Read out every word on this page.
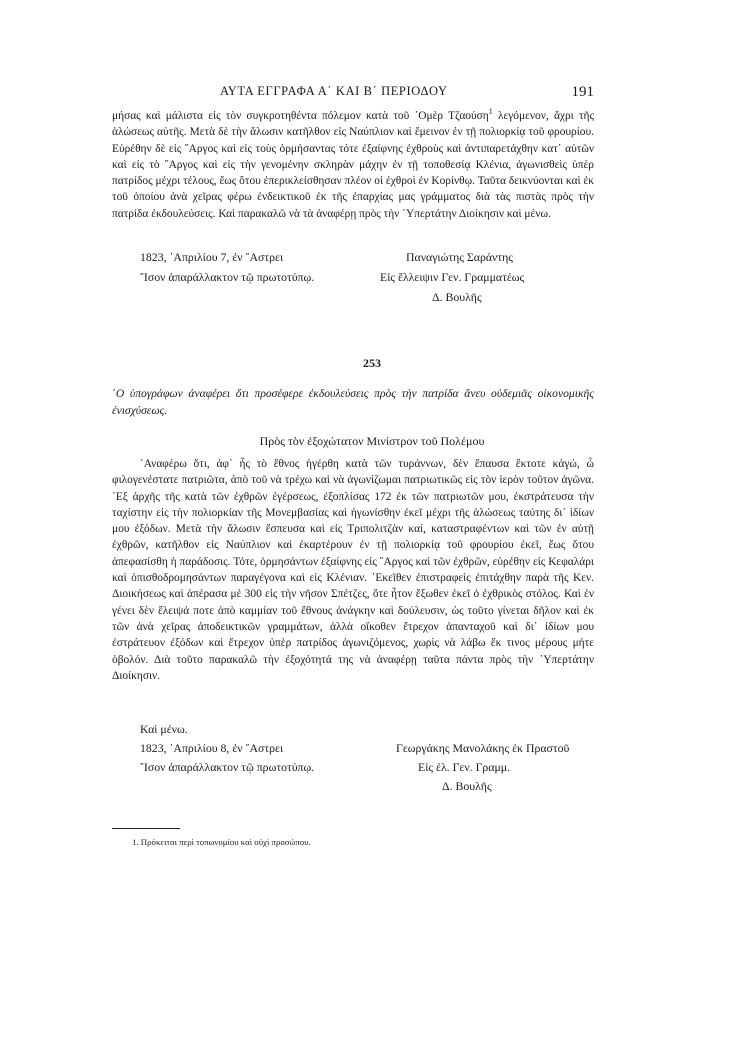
ΑΥΤΑ ΕΓΓΡΑΦΑ Α΄ ΚΑΙ Β΄ ΠΕΡΙΟΔΟΥ	191

μήσας καὶ μάλιστα εἰς τὸν συγκροτηθέντα πόλεμον κατὰ τοῦ ᾿Ομὲρ Τζαούση$^1$ λεγόμενον, ἄχρι τῆς ἁλώσεως αὐτῆς. Μετὰ δὲ τὴν ἅλωσιν κατῆλθον εἰς Ναύπλιον καὶ ἔμεινον ἐν τῇ πολιορκίᾳ τοῦ φρουρίου. Εὐρέθην δὲ εἰς ῎Αργος καὶ εἰς τοὺς ὁρμήσαντας τότε ἐξαίφνης ἐχθροὺς καὶ ἀντιπαρετάχθην κατ᾿ αὐτῶν καὶ εἰς τὸ ῎Αργος καὶ εἰς τὴν γενομένην σκληρὰν μάχην ἐν τῇ τοποθεσίᾳ Κλένια, ἀγωνισθεὶς ὑπὲρ πατρίδος μέχρι τέλους, ἕως ὅτου ἐπερικλείσθησαν πλέον οἱ ἐχθροὶ ἐν Κορίνθῳ. Ταῦτα δεικνύονται καὶ ἐκ τοῦ ὁποίου ἀνὰ χεῖρας φέρω ἐνδεικτικοῦ ἐκ τῆς ἐπαρχίας μας γράμματος διὰ τὰς πιστὰς πρὸς τὴν πατρίδα ἐκδουλεύσεις. Καὶ παρακαλῶ νὰ τὰ ἀναφέρῃ πρὸς τὴν ῾Υπερτάτην Διοίκησιν καὶ μένω.

1823, ᾿Απριλίου 7, ἐν ῎Αστρει	Παναγιώτης Σαράντης
῎Ισον ἀπαράλλακτον τῷ πρωτοτύπῳ.	Εἰς ἔλλειψιν Γεν. Γραμματέως
Δ. Βουλῆς
253

῾Ο ὑπογράφων ἀναφέρει ὅτι προσέφερε ἐκδουλεύσεις πρὸς τὴν πατρίδα ἄνευ οὐδεμιᾶς οἰκονομικῆς ἐνισχύσεως.

Πρὸς τὸν ἐξοχώτατον Μινίστρον τοῦ Πολέμου

᾿Αναφέρω ὅτι, ἀφ᾿ ἧς τὸ ἔθνος ἠγέρθη κατὰ τῶν τυράννων, δὲν ἔπαυσα ἔκτοτε κἀγώ, ὦ φιλογενέστατε πατριῶτα, ἀπὸ τοῦ νὰ τρέχω καὶ νὰ ἀγωνίζωμαι πατριωτικῶς εἰς τὸν ἱερὸν τοῦτον ἀγῶνα. ᾿Εξ ἀρχῆς τῆς κατὰ τῶν ἐχθρῶν ἐγέρσεως, ἐξοπλίσας 172 ἐκ τῶν πατριωτῶν μου, ἐκστράτευσα τὴν ταχίστην εἰς τὴν πολιορκίαν τῆς Μονεμβασίας καὶ ἠγωνίσθην ἐκεῖ μέχρι τῆς ἁλώσεως ταύτης δι᾿ ἰδίων μου ἐξόδων. Μετὰ τὴν ἅλωσιν ἔσπευσα καὶ εἰς Τριπολιτζὰν καί, καταστραφέντων καὶ τῶν ἐν αὐτῇ ἐχθρῶν, κατῆλθον εἰς Ναύπλιον καὶ ἐκαρτέρουν ἐν τῇ πολιορκίᾳ τοῦ φρουρίου ἐκεῖ, ἕως ὅτου ἀπεφασίσθη ἡ παράδοσις. Τότε, ὁρμησάντων ἐξαίφνης εἰς ῎Αργος καὶ τῶν ἐχθρῶν, εὐρέθην εἰς Κεφαλάρι καὶ ὀπισθοδρομησάντων παραγέγονα καὶ εἰς Κλένιαν. ᾿Εκεῖθεν ἐπιστραφεὶς ἐπιτάχθην παρὰ τῆς Κεν. Διοικήσεως καὶ ἀπέρασα μὲ 300 εἰς τὴν νῆσον Σπέτζες, ὅτε ἦτον ἔξωθεν ἐκεῖ ὁ ἐχθρικὸς στόλος. Καὶ ἐν γένει δὲν ἔλειψά ποτε ἀπὸ καμμίαν τοῦ ἔθνους ἀνάγκην καὶ δούλευσιν, ὡς τοῦτο γίνεται δῆλον καὶ ἐκ τῶν ἀνὰ χεῖρας ἀποδεικτικῶν γραμμάτων, ἀλλὰ οἴκοθεν ἔτρεχον ἀπανταχοῦ καὶ δι᾿ ἰδίων μου ἐστράτευον ἐξόδων καὶ ἔτρεχον ὑπὲρ πατρίδος ἀγωνιζόμενος, χωρὶς νὰ λάβω ἔκ τινος μέρους μήτε ὀβολόν. Διὰ τοῦτο παρακαλῶ τὴν ἐξοχότητά της νὰ ἀναφέρῃ ταῦτα πάντα πρὸς τὴν ῾Υπερτάτην Διοίκησιν.

Καὶ μένω.
1823, ᾿Απριλίου 8, ἐν ῎Αστρει	Γεωργάκης Μανολάκης ἐκ Πραστοῦ
῎Ισον ἀπαράλλακτον τῷ πρωτοτύπῳ.	Εἰς ἐλ. Γεν. Γραμμ.
Δ. Βουλῆς
1. Πρόκειται περὶ τοπωνυμίου καὶ οὐχὶ προσώπου.
